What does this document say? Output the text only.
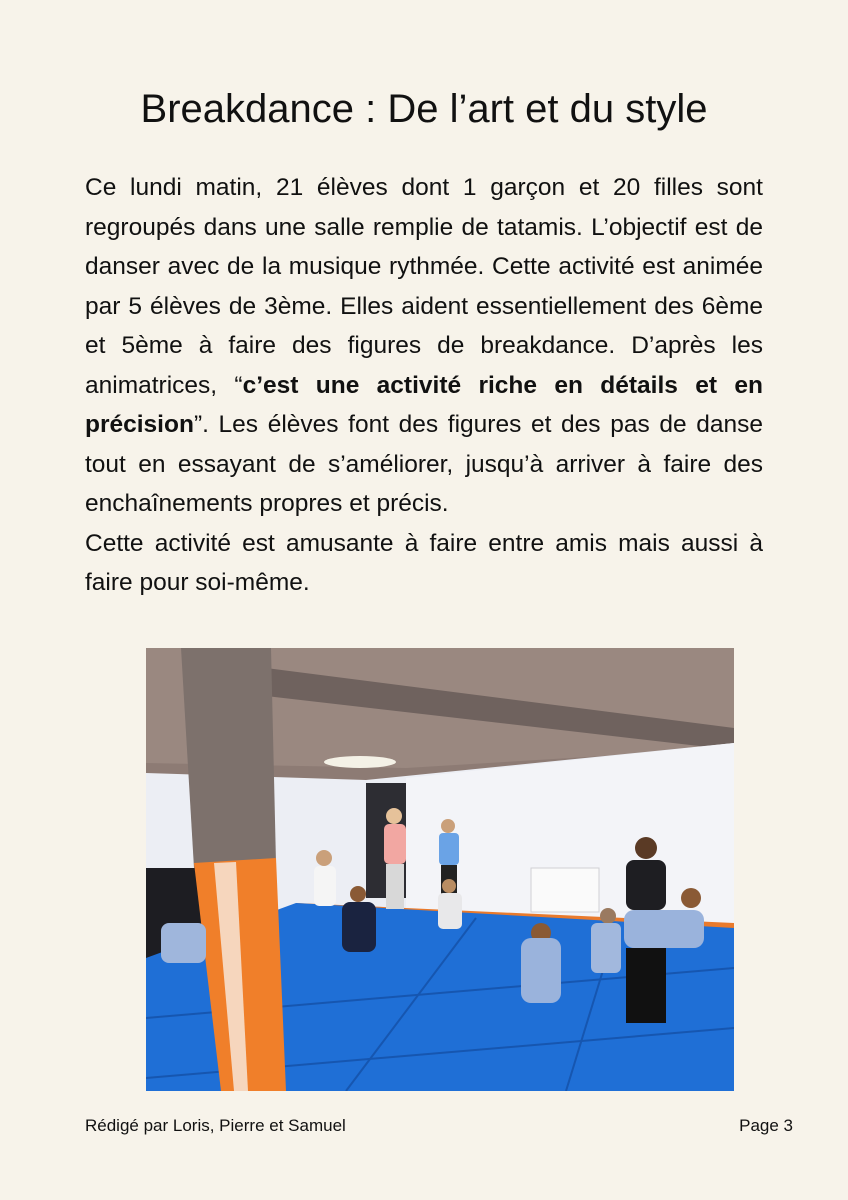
Breakdance : De l’art et du style

Ce lundi matin, 21 élèves dont 1 garçon et 20 filles sont regroupés dans une salle remplie de tatamis. L’objectif est de danser avec de la musique rythmée. Cette activité est animée par 5 élèves de 3ème. Elles aident essentiellement des 6ème et 5ème à faire des figures de breakdance. D’après les animatrices, “c’est une activité riche en détails et en précision”. Les élèves font des figures et des pas de danse tout en essayant de s’améliorer, jusqu’à arriver à faire des enchaînements propres et précis.

Cette activité est amusante à faire entre amis mais aussi à faire pour soi-même.

Rédigé par Loris, Pierre et Samuel	Page 3
